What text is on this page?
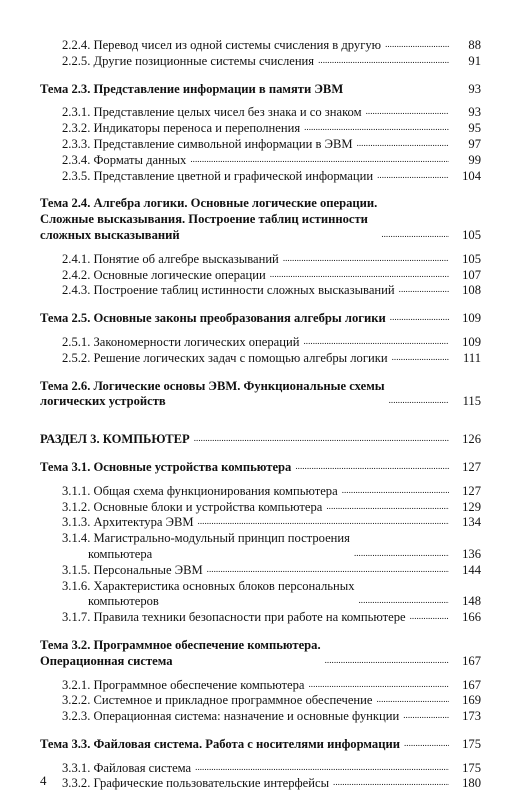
2.2.4. Перевод чисел из одной системы счисления в другую . . .	88
2.2.5. Другие позиционные системы счисления . . .	91
Тема 2.3. Представление информации в памяти ЭВМ	93
2.3.1. Представление целых чисел без знака и со знаком . . .	93
2.3.2. Индикаторы переноса и переполнения . . .	95
2.3.3. Представление символьной информации в ЭВМ . . .	97
2.3.4. Форматы данных . . .	99
2.3.5. Представление цветной и графической информации . . .	104
Тема 2.4. Алгебра логики. Основные логические операции.
Сложные высказывания. Построение таблиц истинности
сложных высказываний . . .	105
2.4.1. Понятие об алгебре высказываний . . .	105
2.4.2. Основные логические операции . . .	107
2.4.3. Построение таблиц истинности сложных высказываний . . .	108
Тема 2.5. Основные законы преобразования алгебры логики . . .	109
2.5.1. Закономерности логических операций . . .	109
2.5.2. Решение логических задач с помощью алгебры логики . . .	111
Тема 2.6. Логические основы ЭВМ. Функциональные схемы
логических устройств . . .	115
РАЗДЕЛ 3. КОМПЬЮТЕР . . .	126
Тема 3.1. Основные устройства компьютера . . .	127
3.1.1. Общая схема функционирования компьютера . . .	127
3.1.2. Основные блоки и устройства компьютера . . .	129
3.1.3. Архитектура ЭВМ . . .	134
3.1.4. Магистрально-модульный принцип построения
компьютера . . .	136
3.1.5. Персональные ЭВМ . . .	144
3.1.6. Характеристика основных блоков персональных
компьютеров . . .	148
3.1.7. Правила техники безопасности при работе на компьютере . . .	166
Тема 3.2. Программное обеспечение компьютера.
Операционная система . . .	167
3.2.1. Программное обеспечение компьютера . . .	167
3.2.2. Системное и прикладное программное обеспечение . . .	169
3.2.3. Операционная система: назначение и основные функции . . .	173
Тема 3.3. Файловая система. Работа с носителями информации . . .	175
3.3.1. Файловая система . . .	175
3.3.2. Графические пользовательские интерфейсы . . .	180
4
